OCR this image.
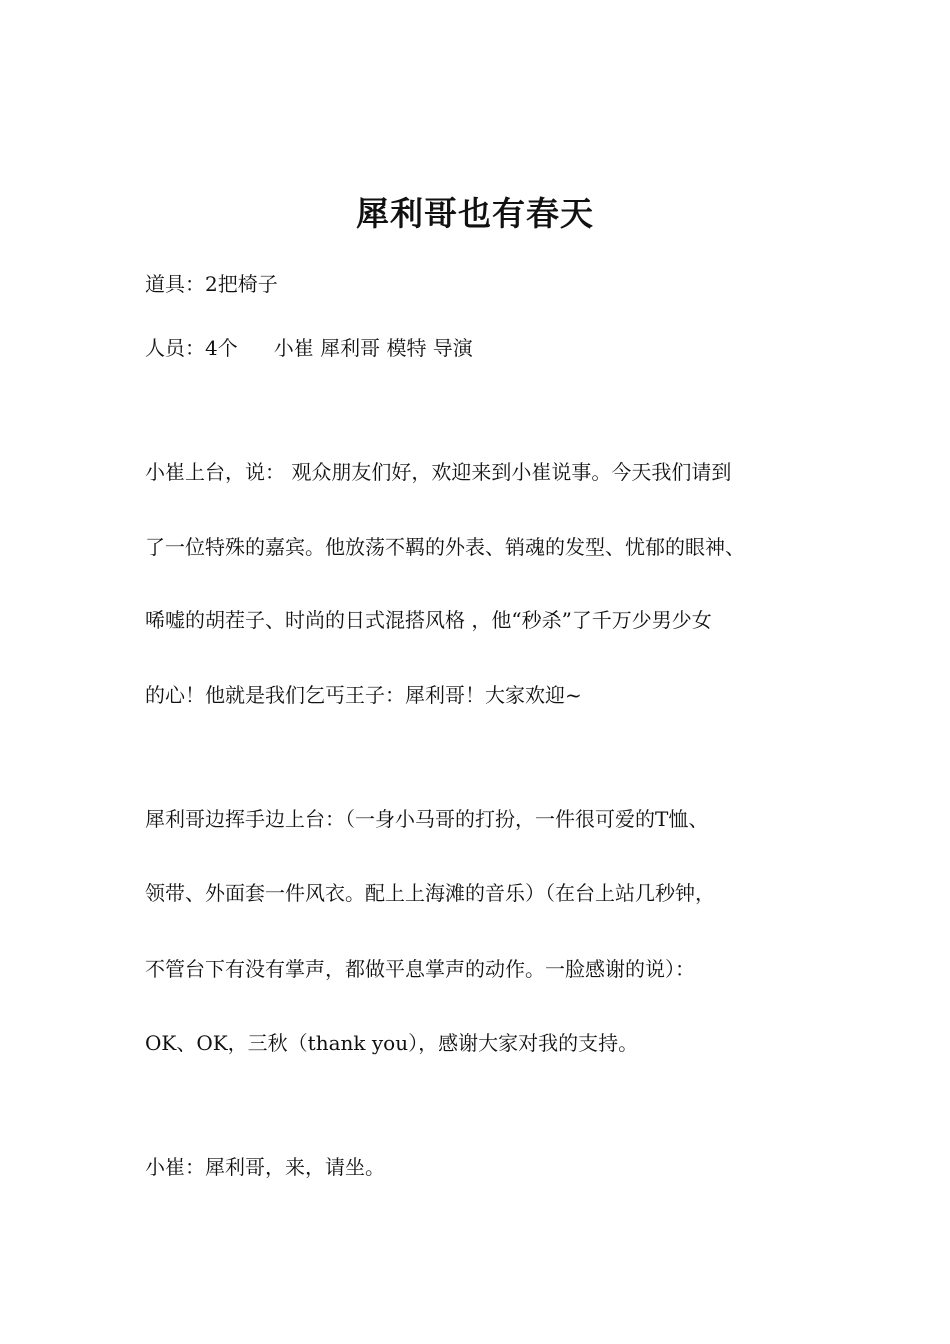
犀利哥也有春天
道具：2把椅子
人员：4个 小崔 犀利哥 模特 导演
小崔上台，说： 观众朋友们好，欢迎来到小崔说事。今天我们请到
了一位特殊的嘉宾。他放荡不羁的外表、销魂的发型、忧郁的眼神、
唏嘘的胡茬子、时尚的日式混搭风格 ，他“秒杀”了千万少男少女
的心！他就是我们乞丐王子：犀利哥！大家欢迎~
犀利哥边挥手边上台：（一身小马哥的打扮，一件很可爱的T恤、
领带、外面套一件风衣。配上上海滩的音乐）（在台上站几秒钟，
不管台下有没有掌声，都做平息掌声的动作。一脸感谢的说）：
OK、OK，三秋（thank you），感谢大家对我的支持。
小崔：犀利哥，来，请坐。
